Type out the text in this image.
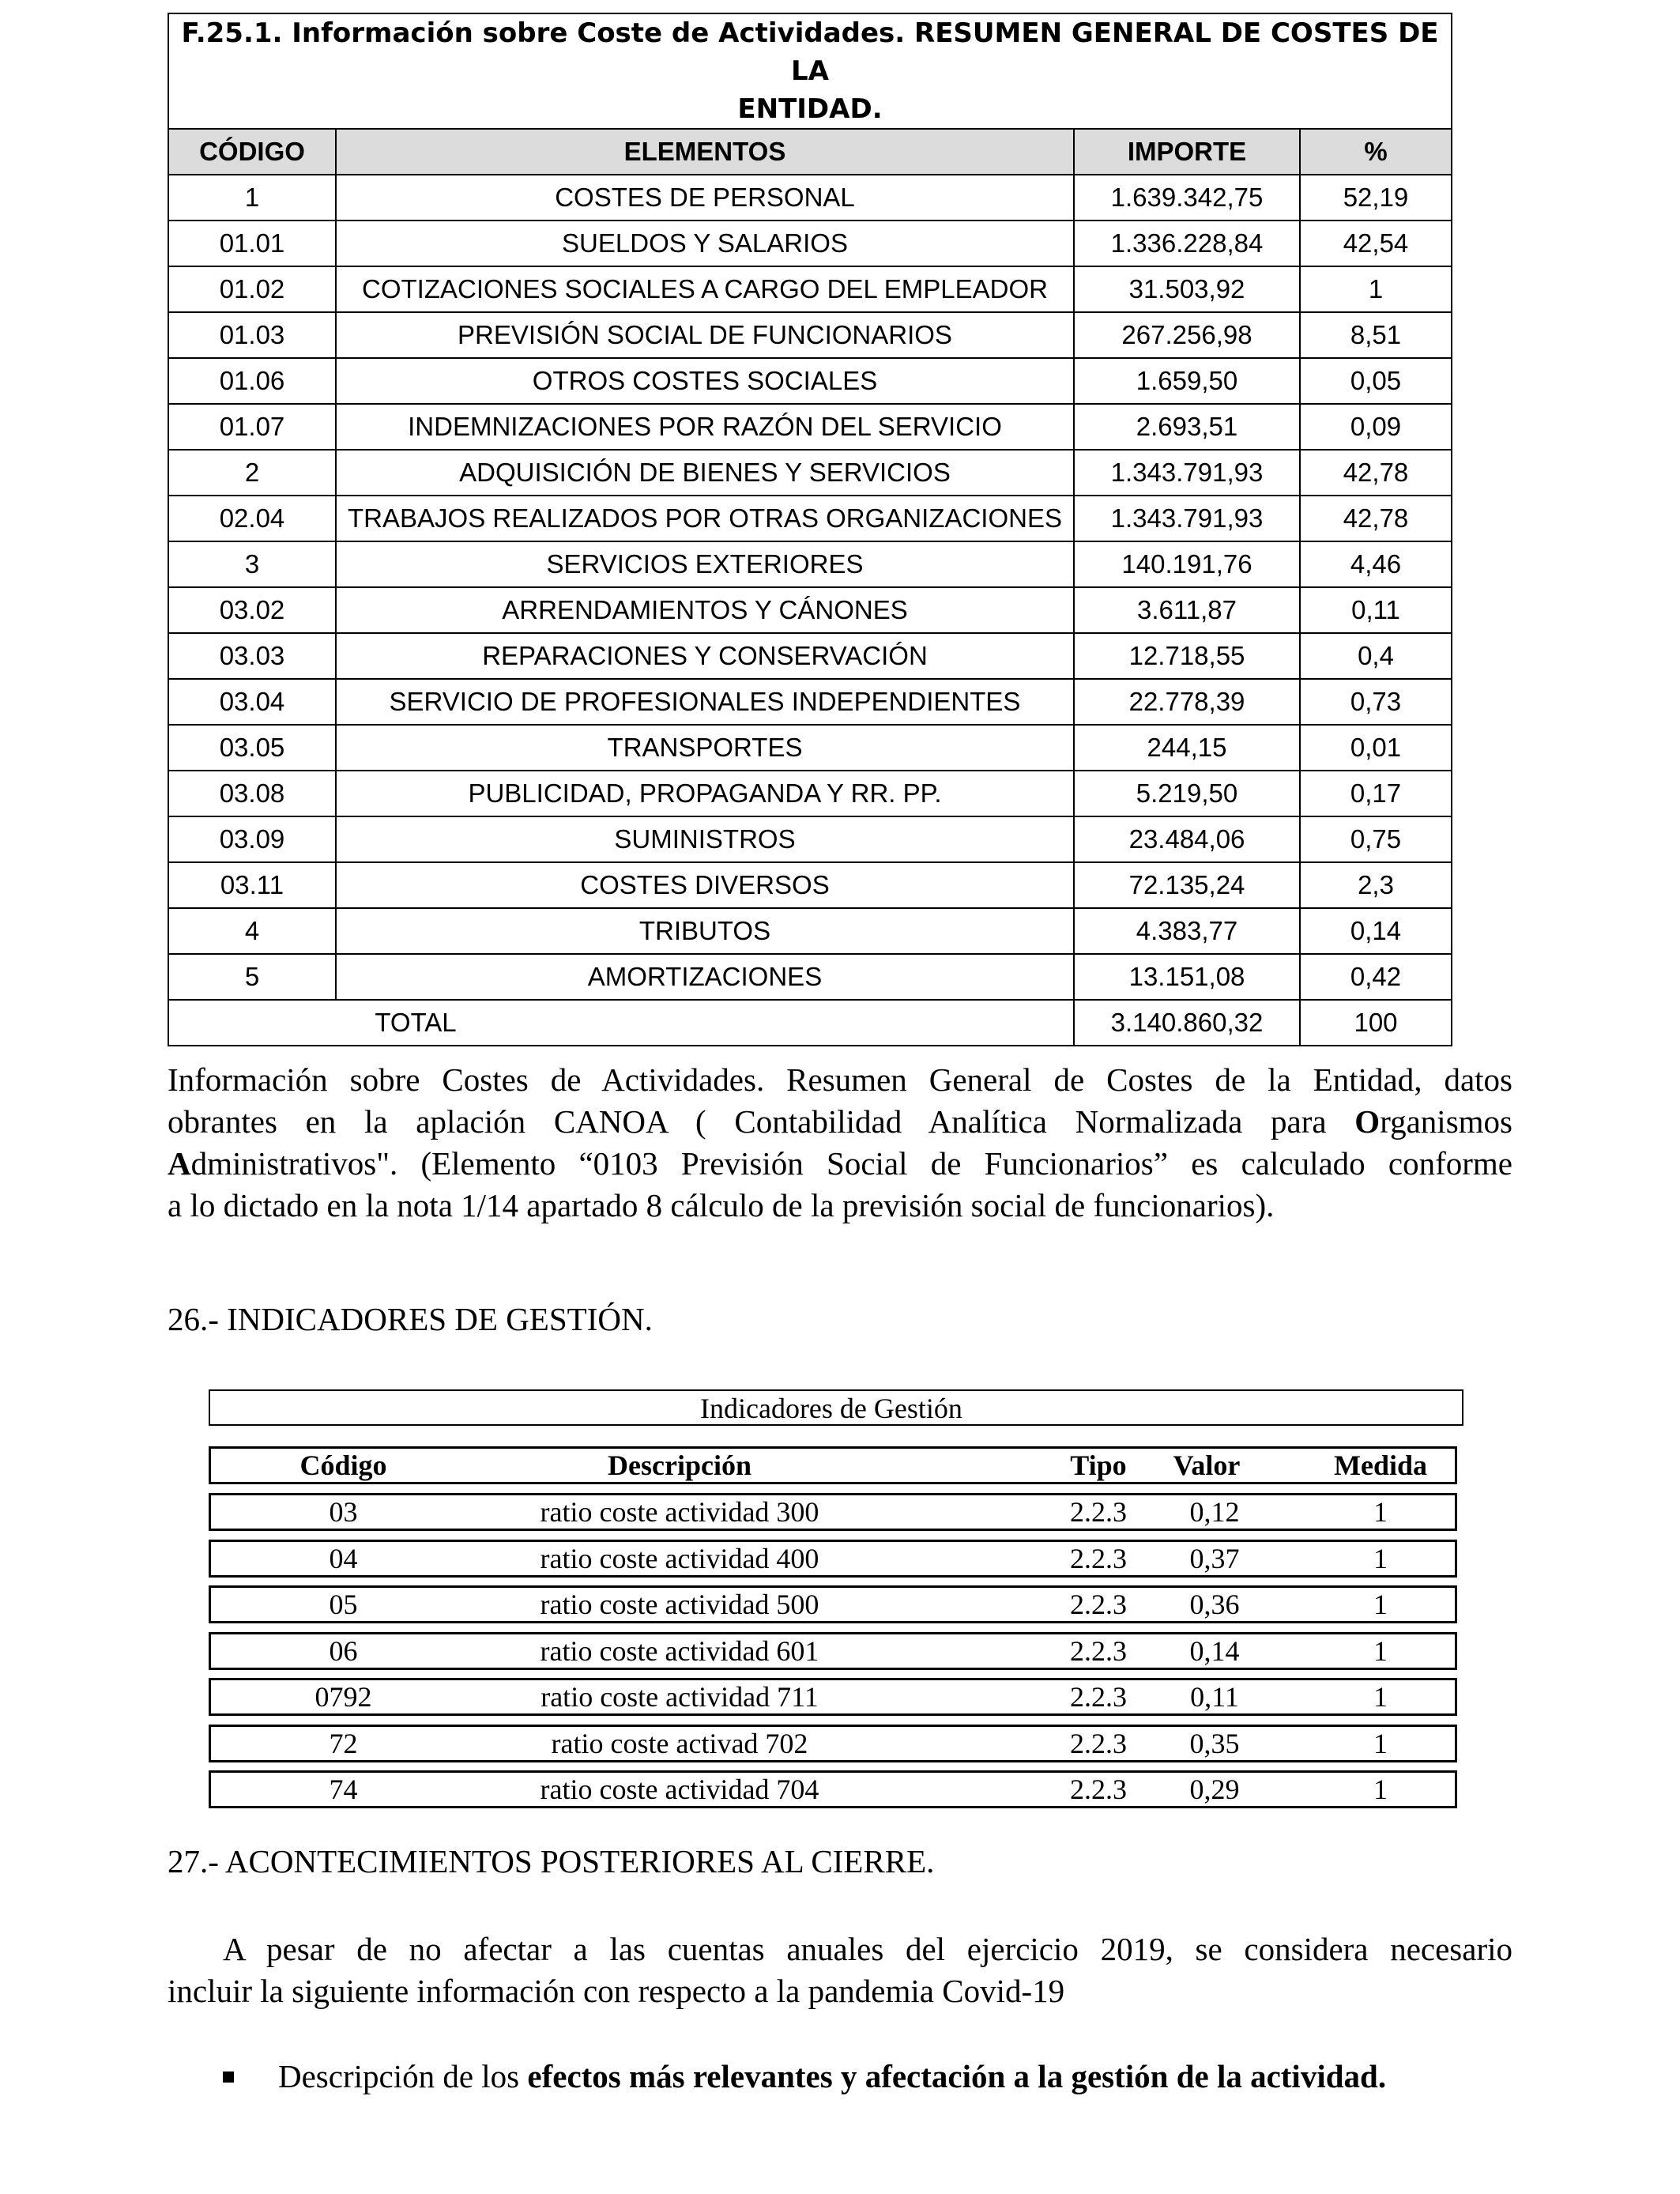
F.25.1. Información sobre Coste de Actividades. RESUMEN GENERAL DE COSTES DE LA
ENTIDAD.			

CÓDIGO	ELEMENTOS	IMPORTE	%
1	COSTES DE PERSONAL	1.639.342,75	52,19
01.01	SUELDOS Y SALARIOS	1.336.228,84	42,54
01.02	COTIZACIONES SOCIALES A CARGO DEL EMPLEADOR	31.503,92	1
01.03	PREVISIÓN SOCIAL DE FUNCIONARIOS	267.256,98	8,51
01.06	OTROS COSTES SOCIALES	1.659,50	0,05
01.07	INDEMNIZACIONES POR RAZÓN DEL SERVICIO	2.693,51	0,09
2	ADQUISICIÓN DE BIENES Y SERVICIOS	1.343.791,93	42,78
02.04	TRABAJOS REALIZADOS POR OTRAS ORGANIZACIONES	1.343.791,93	42,78
3	SERVICIOS EXTERIORES	140.191,76	4,46
03.02	ARRENDAMIENTOS Y CÁNONES	3.611,87	0,11
03.03	REPARACIONES Y CONSERVACIÓN	12.718,55	0,4
03.04	SERVICIO DE PROFESIONALES INDEPENDIENTES	22.778,39	0,73
03.05	TRANSPORTES	244,15	0,01
03.08	PUBLICIDAD, PROPAGANDA Y RR. PP.	5.219,50	0,17
03.09	SUMINISTROS	23.484,06	0,75
03.11	COSTES DIVERSOS	72.135,24	2,3
4	TRIBUTOS	4.383,77	0,14
5	AMORTIZACIONES	13.151,08	0,42
TOTAL		3.140.860,32	100

Información sobre Costes de Actividades. Resumen General de Costes de la Entidad, datos
obrantes en la aplación CANOA ( Contabilidad Analítica Normalizada para Organismos
Administrativos". (Elemento “0103 Previsión Social de Funcionarios” es calculado conforme
a lo dictado en la nota 1/14 apartado 8 cálculo de la previsión social de funcionarios).

26.- INDICADORES DE GESTIÓN.
Indicadores de Gestión
Código	Descripción	Tipo	Valor	Medida
03	ratio coste actividad 300	2.2.3	0,12	1
04	ratio coste actividad 400	2.2.3	0,37	1
05	ratio coste actividad 500	2.2.3	0,36	1
06	ratio coste actividad 601	2.2.3	0,14	1
0792	ratio coste actividad 711	2.2.3	0,11	1
72	ratio coste activad 702	2.2.3	0,35	1
74	ratio coste actividad 704	2.2.3	0,29	1
27.- ACONTECIMIENTOS POSTERIORES AL CIERRE.

A pesar de no afectar a las cuentas anuales del ejercicio 2019, se considera necesario
incluir la siguiente información con respecto a la pandemia Covid-19

Descripción de los efectos más relevantes y afectación a la gestión de la actividad.
